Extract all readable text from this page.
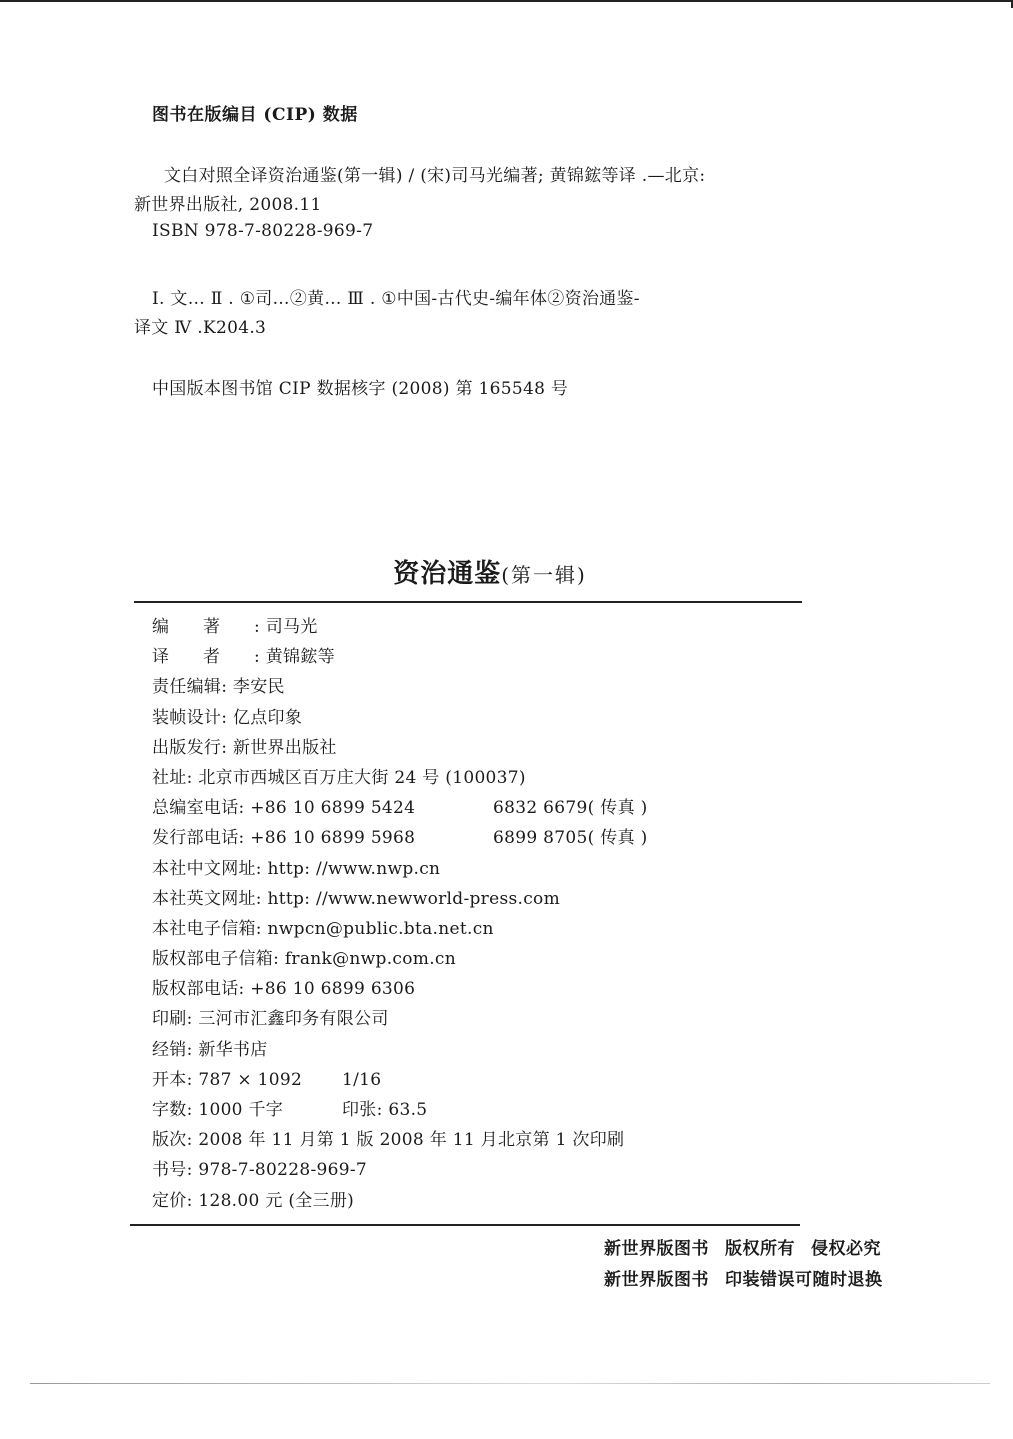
图书在版编目 (CIP) 数据
文白对照全译资治通鉴(第一辑) / (宋)司马光编著; 黄锦鋐等译 .—北京:
新世界出版社, 2008.11
ISBN 978-7-80228-969-7
Ⅰ. 文… Ⅱ . ①司…②黄… Ⅲ . ①中国-古代史-编年体②资治通鉴-
译文 Ⅳ .K204.3
中国版本图书馆 CIP 数据核字 (2008) 第 165548 号
资治通鉴(第一辑)
编著: 司马光
译者: 黄锦鋐等
责任编辑: 李安民
装帧设计: 亿点印象
出版发行: 新世界出版社
社址: 北京市西城区百万庄大街 24 号 (100037)
总编室电话: +86 10 6899 5424	6832 6679( 传真 )
发行部电话: +86 10 6899 5968	6899 8705( 传真 )
本社中文网址: http: //www.nwp.cn
本社英文网址: http: //www.newworld-press.com
本社电子信箱: nwpcn@public.bta.net.cn
版权部电子信箱: frank@nwp.com.cn
版权部电话: +86 10 6899 6306
印刷: 三河市汇鑫印务有限公司
经销: 新华书店
开本: 787 × 1092 1/16
字数: 1000 千字	印张: 63.5
版次: 2008 年 11 月第 1 版 2008 年 11 月北京第 1 次印刷
书号: 978-7-80228-969-7
定价: 128.00 元 (全三册)
新世界版图书 版权所有 侵权必究
新世界版图书 印装错误可随时退换
